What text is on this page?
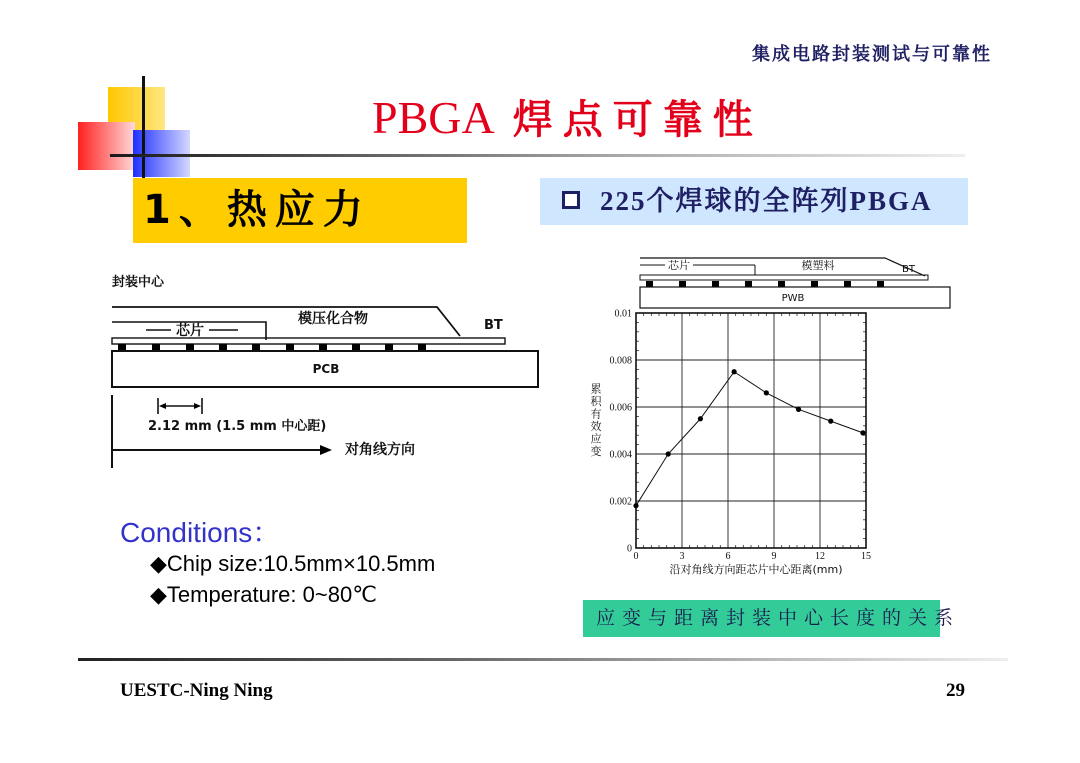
集成电路封装测试与可靠性
PBGA 焊点可靠性
1、热应力	225个焊球的全阵列PBGA
封装中心
芯片
模压化合物	BT
PCB
2.12 mm (1.5 mm 中心距)
对角线方向
Conditions：
◆Chip size:10.5mm×10.5mm
◆Temperature: 0~80℃
芯片	模塑料	BT
PWB
0	3	6	9	12	15
0
0.002
0.004
0.006
0.008
0.01
沿对角线方向距芯片中心距离(mm)
累积有效应变
应变与距离封装中心长度的关系
UESTC-Ning Ning	29
